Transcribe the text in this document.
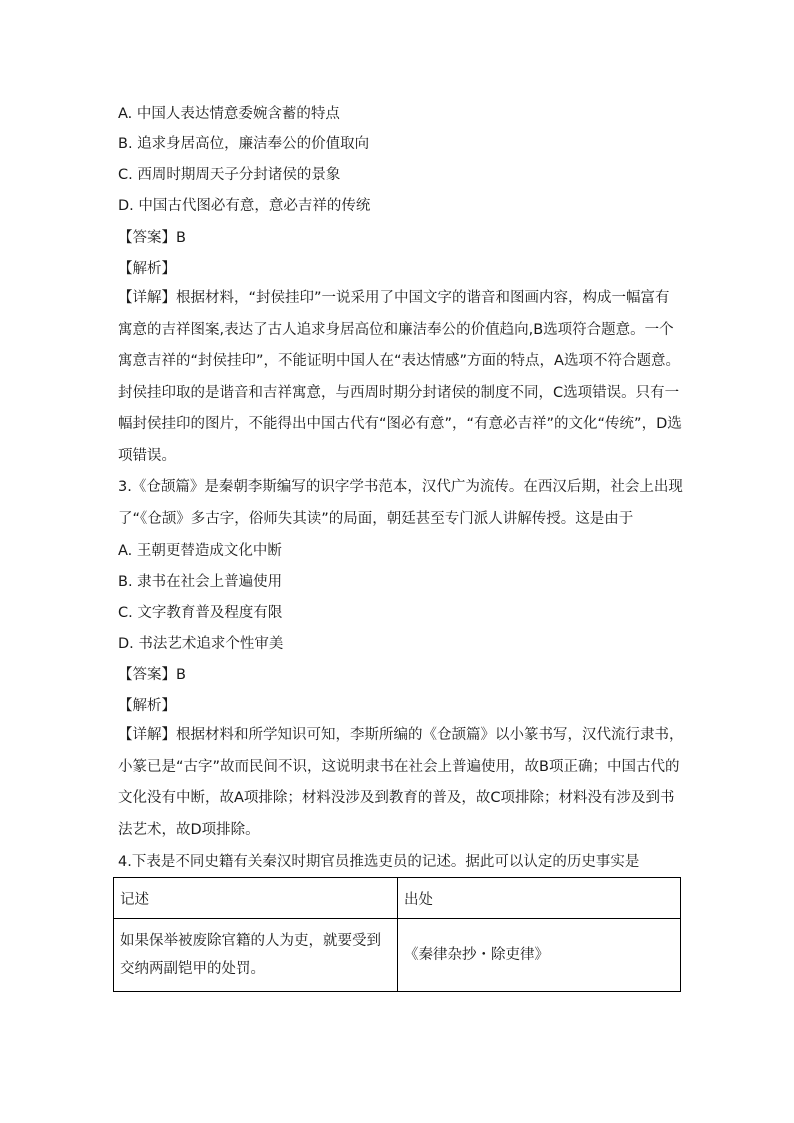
A. 中国人表达情意委婉含蓄的特点
B. 追求身居高位，廉洁奉公的价值取向
C. 西周时期周天子分封诸侯的景象
D. 中国古代图必有意，意必吉祥的传统
【答案】B
【解析】

【详解】根据材料，“封侯挂印”一说采用了中国文字的谐音和图画内容，构成一幅富有寓意的吉祥图案,表达了古人追求身居高位和廉洁奉公的价值趋向,B选项符合题意。一个寓意吉祥的“封侯挂印”，不能证明中国人在“表达情感”方面的特点，A选项不符合题意。封侯挂印取的是谐音和吉祥寓意，与西周时期分封诸侯的制度不同，C选项错误。只有一幅封侯挂印的图片，不能得出中国古代有“图必有意”，“有意必吉祥”的文化“传统”，D选项错误。

3.《仓颉篇》是秦朝李斯编写的识字学书范本，汉代广为流传。在西汉后期，社会上出现了“《仓颉》多古字，俗师失其读”的局面，朝廷甚至专门派人讲解传授。这是由于

A. 王朝更替造成文化中断
B. 隶书在社会上普遍使用
C. 文字教育普及程度有限
D. 书法艺术追求个性审美
【答案】B
【解析】

【详解】根据材料和所学知识可知，李斯所编的《仓颉篇》以小篆书写，汉代流行隶书，小篆已是“古字”故而民间不识，这说明隶书在社会上普遍使用，故B项正确；中国古代的文化没有中断，故A项排除；材料没涉及到教育的普及，故C项排除；材料没有涉及到书法艺术，故D项排除。

4.下表是不同史籍有关秦汉时期官员推选吏员的记述。据此可以认定的历史事实是
记述	出处
如果保举被废除官籍的人为吏，就要受到交纳两副铠甲的处罚。	《秦律杂抄・除吏律》
